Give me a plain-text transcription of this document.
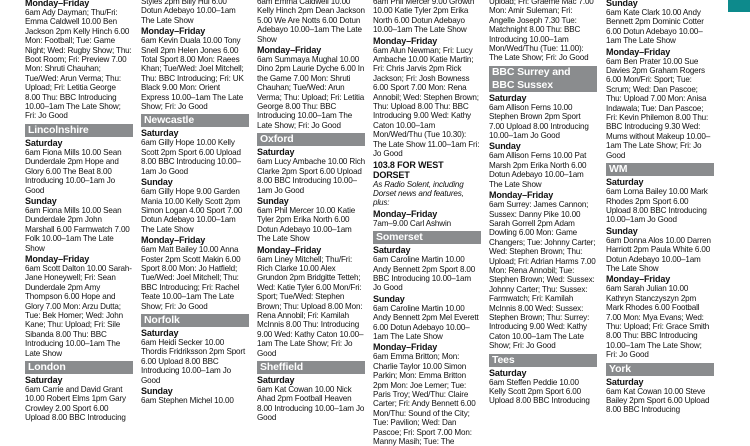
Monday–Friday

6am Ady Dayman; Thu/Fri: Emma Caldwell 10.00 Ben Jackson 2pm Kelly Hinch 6.00 Mon: Football; Tue: Game Night; Wed: Rugby Show; Thu: Boot Room; Fri: Preview 7.00 Mon: Shruti Chauhan; Tue/Wed: Arun Verma; Thu: Upload; Fri: Letitia George 8.00 Thu: BBC Introducing 10.00–1am The Late Show; Fri: Jo Good

Lincolnshire
Saturday

6am Fiona Mills 10.00 Sean Dunderdale 2pm Hope and Glory 6.00 The Beat 8.00 Introducing 10.00–1am Jo Good

Sunday

6am Fiona Mills 10.00 Sean Dunderdale 2pm John Marshall 6.00 Farmwatch 7.00 Folk 10.00–1am The Late Show

Monday–Friday

6am Scott Dalton 10.00 Sarah-Jane Honeywell; Fri: Sean Dunderdale 2pm Amy Thompson 6.00 Hope and Glory 7.00 Mon: Arzu Dutta; Tue: Bek Homer; Wed: John Kane; Thu: Upload; Fri: Sile Sibanda 8.00 Thu: BBC Introducing 10.00–1am The Late Show

London
Saturday

6am Carrie and David Grant 10.00 Robert Elms 1pm Gary Crowley 2.00 Sport 6.00 Upload 8.00 BBC Introducing

Styles 2pm Billy Hui 6.00 Dotun Adebayo 10.00–1am The Late Show

Monday–Friday

6am Kevin Duala 10.00 Tony Snell 2pm Helen Jones 6.00 Total Sport 8.00 Mon: Raees Khan; Tue/Wed: Joel Mitchell; Thu: BBC Introducing; Fri: UK Black 9.00 Mon: Orient Express 10.00–1am The Late Show; Fri: Jo Good

Newcastle
Saturday

6am Gilly Hope 10.00 Kelly Scott 2pm Sport 6.00 Upload 8.00 BBC Introducing 10.00–1am Jo Good

Sunday

6am Gilly Hope 9.00 Garden Mania 10.00 Kelly Scott 2pm Simon Logan 4.00 Sport 7.00 Dotun Adebayo 10.00–1am The Late Show

Monday–Friday

6am Matt Bailey 10.00 Anna Foster 2pm Scott Makin 6.00 Sport 8.00 Mon: Jo Hatfield; Tue/Wed: Joel Mitchell; Thu: BBC Introducing; Fri: Rachel Teate 10.00–1am The Late Show; Fri: Jo Good

Norfolk
Saturday

6am Heidi Secker 10.00 Thordis Fridriksson 2pm Sport 6.00 Upload 8.00 BBC Introducing 10.00–1am Jo Good

Sunday

6am Stephen Michel 10.00

6am Emma Caldwell 10.00 Kelly Hinch 2pm Dean Jackson 5.00 We Are Notts 6.00 Dotun Adebayo 10.00–1am The Late Show

Monday–Friday

6am Summaya Mughal 10.00 Dino 2pm Laurie Dyche 6.00 In the Game 7.00 Mon: Shruti Chauhan; Tue/Wed: Arun Verma; Thu: Upload; Fri: Letitia George 8.00 Thu: BBC Introducing 10.00–1am The Late Show; Fri: Jo Good

Oxford
Saturday

6am Lucy Ambache 10.00 Rich Clarke 2pm Sport 6.00 Upload 8.00 BBC Introducing 10.00–1am Jo Good

Sunday

6am Phil Mercer 10.00 Katie Tyler 2pm Erika North 6.00 Dotun Adebayo 10.00–1am The Late Show

Monday–Friday

6am Liney Mitchell; Thu/Fri: Rich Clarke 10.00 Alex Grundon 2pm Bridgitte Tetteh; Wed: Katie Tyler 6.00 Mon/Fri: Sport; Tue/Wed: Stephen Brown; Thu: Upload 8.00 Mon: Rena Annobil; Fri: Kamilah McInnis 8.00 Thu: Introducing 9.00 Wed: Kathy Caton 10.00–1am The Late Show; Fri: Jo Good

Sheffield
Saturday

6am Kat Cowan 10.00 Nick Ahad 2pm Football Heaven 8.00 Introducing 10.00–1am Jo Good

6am Phil Mercer 9.00 Growth 10.00 Katie Tyler 2pm Erika North 6.00 Dotun Adebayo 10.00–1am The Late Show

Monday–Friday

6am Alun Newman; Fri: Lucy Ambache 10.00 Katie Martin; Fri: Chris Jarvis 2pm Rick Jackson; Fri: Josh Bowness 6.00 Sport 7.00 Mon: Rena Annobil; Wed: Stephen Brown; Thu: Upload 8.00 Thu: BBC Introducing 9.00 Wed: Kathy Caton 10.00–1am Mon/Wed/Thu (Tue 10.30): The Late Show 11.00–1am Fri: Jo Good

103.8 FOR WEST DORSET

As Radio Solent, including Dorset news and features, plus:

Monday–Friday

7am–9.00 Carl Ashwin

Somerset
Saturday

6am Caroline Martin 10.00 Andy Bennett 2pm Sport 8.00 BBC Introducing 10.00–1am Jo Good

Sunday

6am Caroline Martin 10.00 Andy Bennett 2pm Mel Everett 6.00 Dotun Adebayo 10.00–1am The Late Show

Monday–Friday

6am Emma Britton; Mon: Charlie Taylor 10.00 Simon Parkin; Mon: Emma Britton 2pm Mon: Joe Lemer; Tue: Paris Troy; Wed/Thu: Claire Carter; Fri: Andy Bennett 6.00 Mon/Thu: Sound of the City; Tue: Pavilion; Wed: Dan Pascoe; Fri: Sport 7.00 Mon: Manny Masih; Tue: The

Upload; Fri: Graeme Mac 7.00 Mon: Amir Suleman; Fri: Angelle Joseph 7.30 Tue: Matchnight 8.00 Thu: BBC Introducing 10.00–1am Mon/Wed/Thu (Tue: 11.00): The Late Show; Fri: Jo Good

BBC Surrey and
BBC Sussex
Saturday

6am Allison Ferns 10.00 Stephen Brown 2pm Sport 7.00 Upload 8.00 Introducing 10.00–1am Jo Good

Sunday

6am Allison Ferns 10.00 Pat Marsh 2pm Erika North 6.00 Dotun Adebayo 10.00–1am The Late Show

Monday–Friday

6am Surrey: James Cannon; Sussex: Danny Pike 10.00 Sarah Gorrell 2pm Adam Dowling 6.00 Mon: Game Changers; Tue: Johnny Carter; Wed: Stephen Brown; Thu: Upload; Fri: Adrian Harms 7.00 Mon: Rena Annobil; Tue: Stephen Brown; Wed: Sussex: Johnny Carter; Thu: Sussex: Farmwatch; Fri: Kamilah McInnis 8.00 Wed: Sussex: Stephen Brown; Thu: Surrey: Introducing 9.00 Wed: Kathy Caton 10.00–1am The Late Show; Fri: Jo Good

Tees
Saturday

6am Steffen Peddie 10.00 Kelly Scott 2pm Sport 6.00 Upload 8.00 BBC Introducing

Sunday

6am Kate Clark 10.00 Andy Bennett 2pm Dominic Cotter 6.00 Dotun Adebayo 10.00–1am The Late Show

Monday–Friday

6am Ben Prater 10.00 Sue Davies 2pm Graham Rogers 6.00 Mon/Fri: Sport; Tue: Scrum; Wed: Dan Pascoe; Thu: Upload 7.00 Mon: Anisa Indawala; Tue: Dan Pascoe; Fri: Kevin Philemon 8.00 Thu: BBC Introducing 9.30 Wed: Mums without Makeup 10.00–1am The Late Show; Fri: Jo Good

WM
Saturday

6am Lorna Bailey 10.00 Mark Rhodes 2pm Sport 6.00 Upload 8.00 BBC Introducing 10.00–1am Jo Good

Sunday

6am Donna Alos 10.00 Darren Harriott 2pm Paula White 6.00 Dotun Adebayo 10.00–1am The Late Show

Monday–Friday

6am Sarah Julian 10.00 Kathryn Stanczyszyn 2pm Mark Rhodes 6.00 Football 7.00 Mon: Mya Evans; Wed: Thu: Upload; Fri: Grace Smith 8.00 Thu: BBC Introducing 10.00–1am The Late Show; Fri: Jo Good

York
Saturday

6am Kat Cowan 10.00 Steve Bailey 2pm Sport 6.00 Upload 8.00 BBC Introducing
